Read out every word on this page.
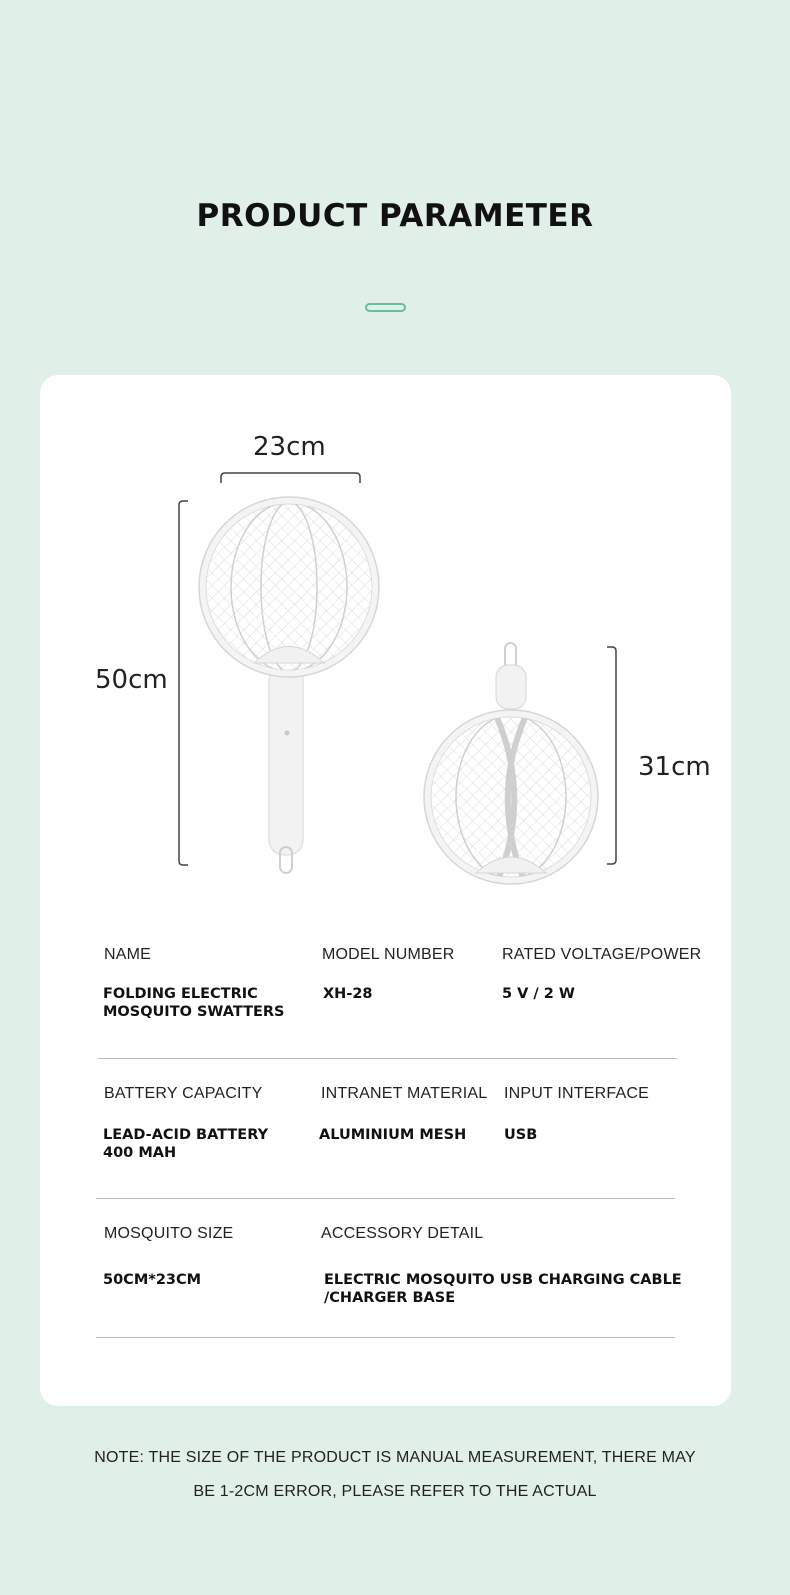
PRODUCT PARAMETER

23cm

50cm

31cm

NAME

FOLDING ELECTRIC
MOSQUITO SWATTERS

MODEL NUMBER

XH-28

RATED VOLTAGE/POWER

5 V / 2 W

BATTERY CAPACITY

LEAD-ACID BATTERY
400 MAH

INTRANET MATERIAL

ALUMINIUM MESH

INPUT INTERFACE

USB

MOSQUITO SIZE

50CM*23CM

ACCESSORY DETAIL

ELECTRIC MOSQUITO USB CHARGING CABLE
/CHARGER BASE

NOTE: THE SIZE OF THE PRODUCT IS MANUAL MEASUREMENT, THERE MAY

BE 1-2CM ERROR, PLEASE REFER TO THE ACTUAL
